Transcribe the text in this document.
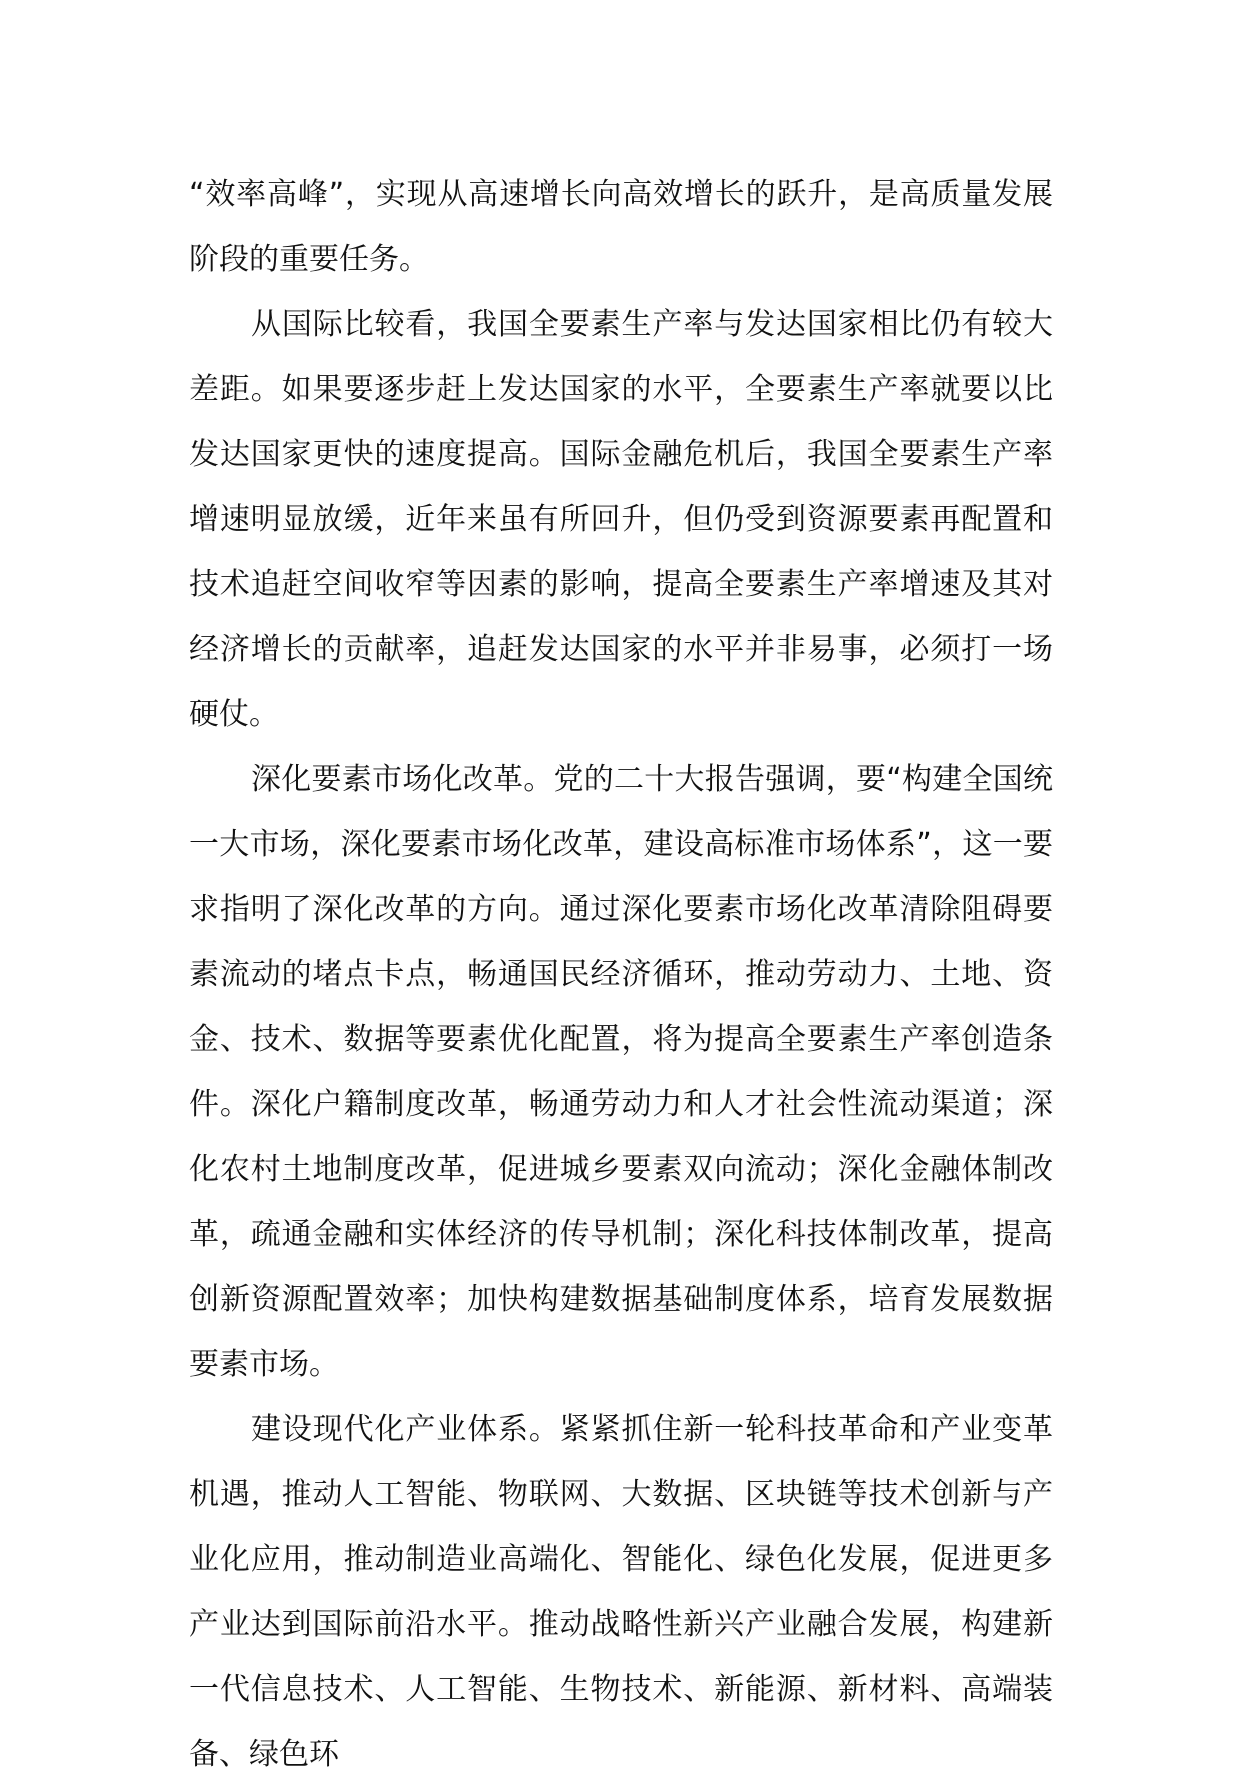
“效率高峰”，实现从高速增长向高效增长的跃升，是高质量发展阶段的重要任务。

从国际比较看，我国全要素生产率与发达国家相比仍有较大差距。如果要逐步赶上发达国家的水平，全要素生产率就要以比发达国家更快的速度提高。国际金融危机后，我国全要素生产率增速明显放缓，近年来虽有所回升，但仍受到资源要素再配置和技术追赶空间收窄等因素的影响，提高全要素生产率增速及其对经济增长的贡献率，追赶发达国家的水平并非易事，必须打一场硬仗。

深化要素市场化改革。党的二十大报告强调，要“构建全国统一大市场，深化要素市场化改革，建设高标准市场体系”，这一要求指明了深化改革的方向。通过深化要素市场化改革清除阻碍要素流动的堵点卡点，畅通国民经济循环，推动劳动力、土地、资金、技术、数据等要素优化配置，将为提高全要素生产率创造条件。深化户籍制度改革，畅通劳动力和人才社会性流动渠道；深化农村土地制度改革，促进城乡要素双向流动；深化金融体制改革，疏通金融和实体经济的传导机制；深化科技体制改革，提高创新资源配置效率；加快构建数据基础制度体系，培育发展数据要素市场。

建设现代化产业体系。紧紧抓住新一轮科技革命和产业变革机遇，推动人工智能、物联网、大数据、区块链等技术创新与产业化应用，推动制造业高端化、智能化、绿色化发展，促进更多产业达到国际前沿水平。推动战略性新兴产业融合发展，构建新一代信息技术、人工智能、生物技术、新能源、新材料、高端装备、绿色环
